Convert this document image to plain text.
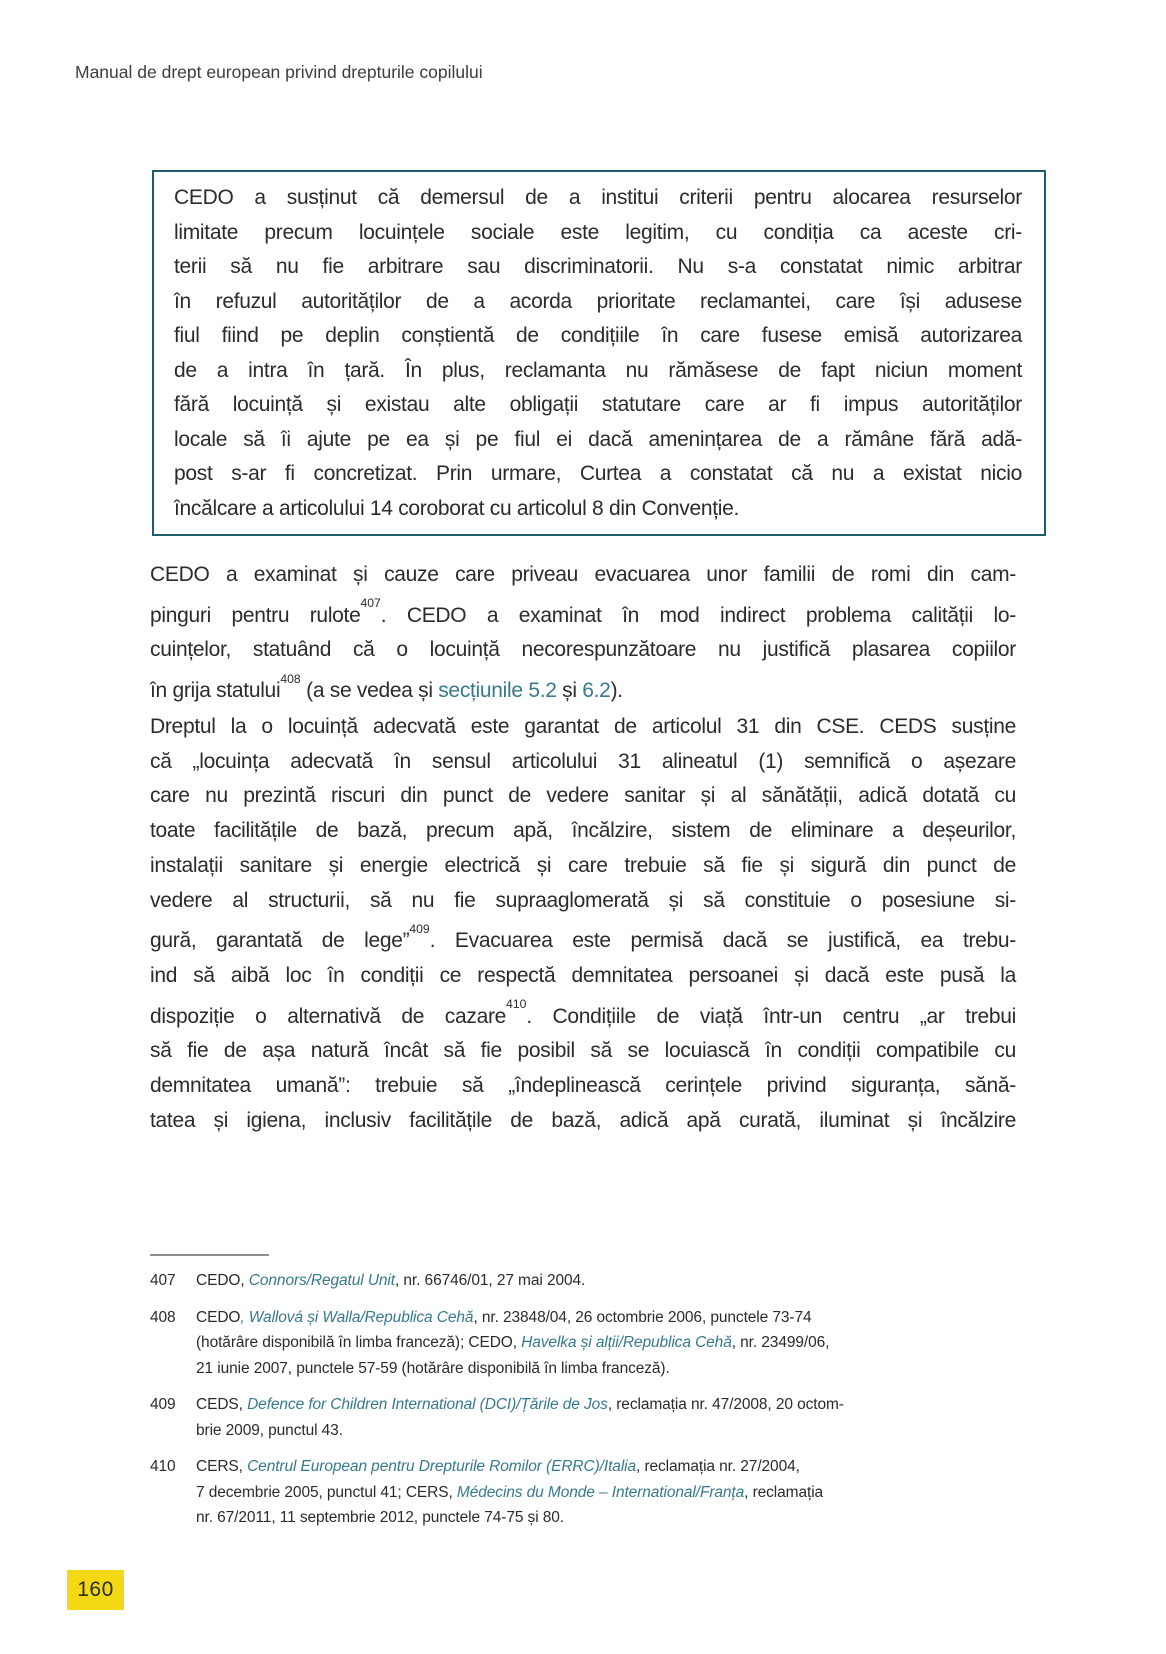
Manual de drept european privind drepturile copilului
CEDO a susținut că demersul de a institui criterii pentru alocarea resurselor
limitate precum locuințele sociale este legitim, cu condiția ca aceste cri-
terii să nu fie arbitrare sau discriminatorii. Nu s-a constatat nimic arbitrar
în refuzul autorităților de a acorda prioritate reclamantei, care își adusese
fiul fiind pe deplin conștientă de condițiile în care fusese emisă autorizarea
de a intra în țară. În plus, reclamanta nu rămăsese de fapt niciun moment
fără locuință și existau alte obligații statutare care ar fi impus autorităților
locale să îi ajute pe ea și pe fiul ei dacă amenințarea de a rămâne fără adă-
post s-ar fi concretizat. Prin urmare, Curtea a constatat că nu a existat nicio
încălcare a articolului 14 coroborat cu articolul 8 din Convenție.
CEDO a examinat și cauze care priveau evacuarea unor familii de romi din cam-
pinguri pentru rulote$^{407}$. CEDO a examinat în mod indirect problema calității lo-
cuințelor, statuând că o locuință necorespunzătoare nu justifică plasarea copiilor
în grija statului$^{408}$ (a se vedea și secțiunile 5.2 și 6.2).
Dreptul la o locuință adecvată este garantat de articolul 31 din CSE. CEDS susține
că „locuința adecvată în sensul articolului 31 alineatul (1) semnifică o așezare
care nu prezintă riscuri din punct de vedere sanitar și al sănătății, adică dotată cu
toate facilitățile de bază, precum apă, încălzire, sistem de eliminare a deșeurilor,
instalații sanitare și energie electrică și care trebuie să fie și sigură din punct de
vedere al structurii, să nu fie supraaglomerată și să constituie o posesiune si-
gură, garantată de lege”$^{409}$. Evacuarea este permisă dacă se justifică, ea trebu-
ind să aibă loc în condiții ce respectă demnitatea persoanei și dacă este pusă la
dispoziție o alternativă de cazare$^{410}$. Condițiile de viață într-un centru „ar trebui
să fie de așa natură încât să fie posibil să se locuiască în condiții compatibile cu
demnitatea umană”: trebuie să „îndeplinească cerințele privind siguranța, sănă-
tatea și igiena, inclusiv facilitățile de bază, adică apă curată, iluminat și încălzire
407	CEDO, Connors/Regatul Unit, nr. 66746/01, 27 mai 2004.
408	CEDO, Wallová și Walla/Republica Cehă, nr. 23848/04, 26 octombrie 2006, punctele 73-74
(hotărâre disponibilă în limba franceză); CEDO, Havelka și alții/Republica Cehă, nr. 23499/06,
21 iunie 2007, punctele 57-59 (hotărâre disponibilă în limba franceză).
409	CEDS, Defence for Children International (DCI)/Țările de Jos, reclamația nr. 47/2008, 20 octom-
brie 2009, punctul 43.
410	CERS, Centrul European pentru Drepturile Romilor (ERRC)/Italia, reclamația nr. 27/2004,
7 decembrie 2005, punctul 41; CERS, Médecins du Monde – International/Franța, reclamația
nr. 67/2011, 11 septembrie 2012, punctele 74-75 și 80.
160
